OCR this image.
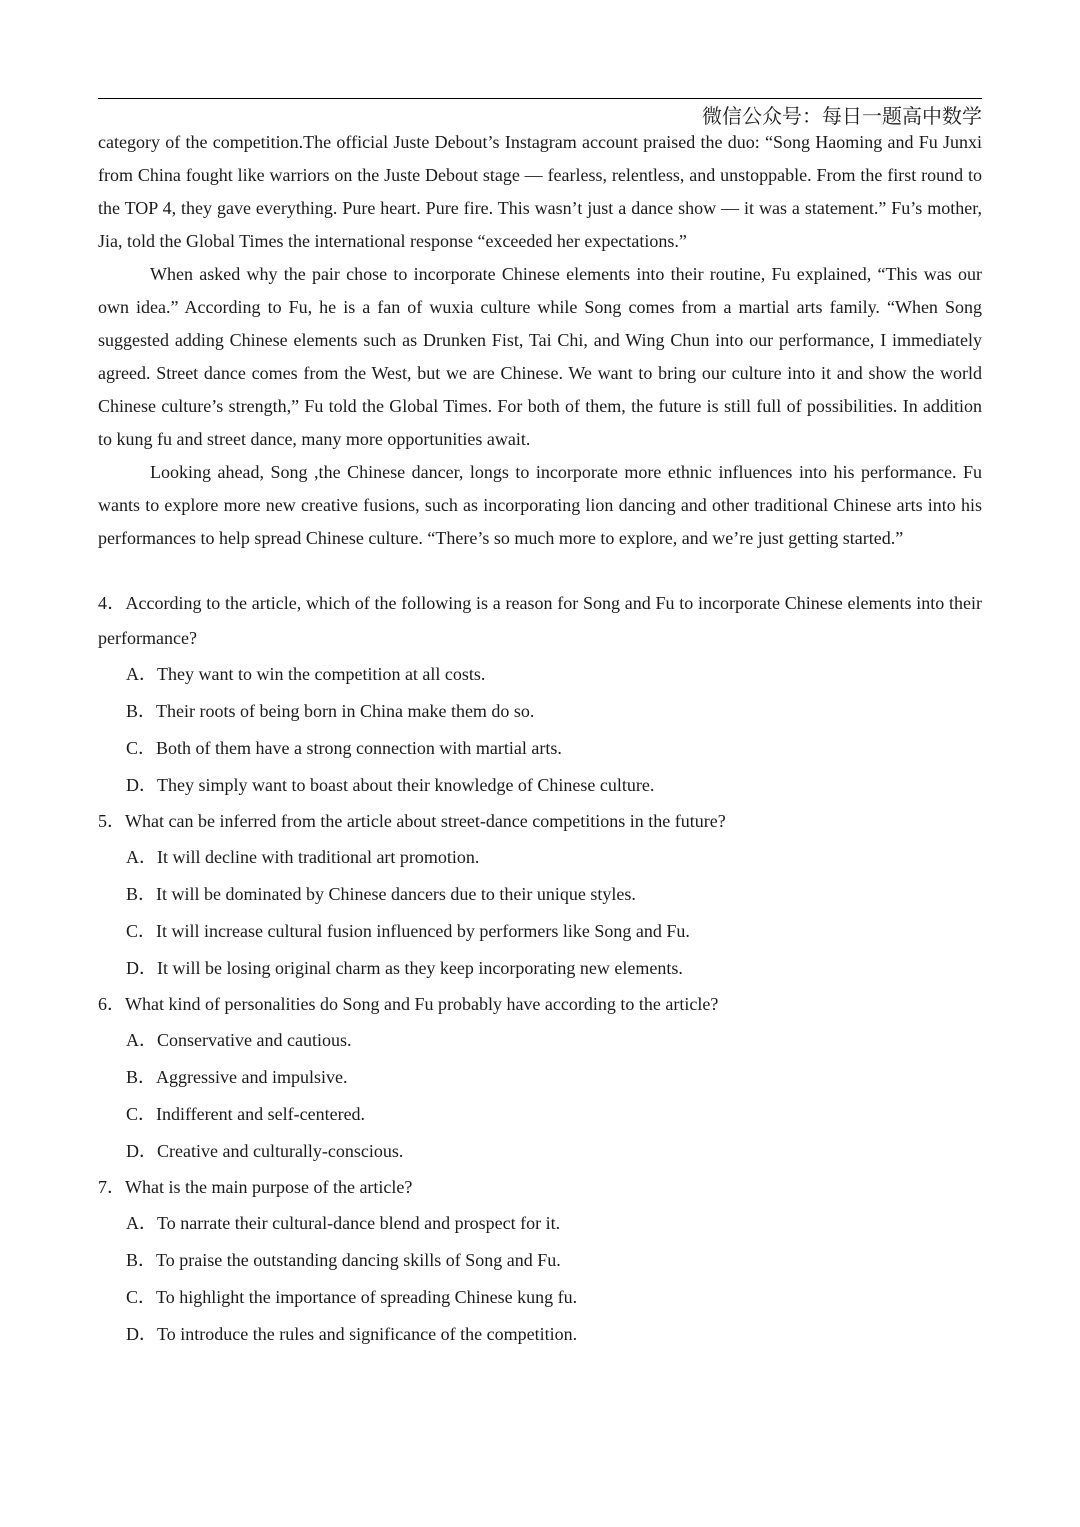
微信公众号：每日一题高中数学

category of the competition.The official Juste Debout’s Instagram account praised the duo: “Song Haoming and Fu Junxi from China fought like warriors on the Juste Debout stage — fearless, relentless, and unstoppable. From the first round to the TOP 4, they gave everything. Pure heart. Pure fire. This wasn’t just a dance show — it was a statement.” Fu’s mother, Jia, told the Global Times the international response “exceeded her expectations.”

When asked why the pair chose to incorporate Chinese elements into their routine, Fu explained, “This was our own idea.” According to Fu, he is a fan of wuxia culture while Song comes from a martial arts family. “When Song suggested adding Chinese elements such as Drunken Fist, Tai Chi, and Wing Chun into our performance, I immediately agreed. Street dance comes from the West, but we are Chinese. We want to bring our culture into it and show the world Chinese culture’s strength,” Fu told the Global Times. For both of them, the future is still full of possibilities. In addition to kung fu and street dance, many more opportunities await.

Looking ahead, Song ,the Chinese dancer, longs to incorporate more ethnic influences into his performance. Fu wants to explore more new creative fusions, such as incorporating lion dancing and other traditional Chinese arts into his performances to help spread Chinese culture. “There’s so much more to explore, and we’re just getting started.”

4．According to the article, which of the following is a reason for Song and Fu to incorporate Chinese elements into their performance?

A．They want to win the competition at all costs.

B．Their roots of being born in China make them do so.

C．Both of them have a strong connection with martial arts.

D．They simply want to boast about their knowledge of Chinese culture.

5．What can be inferred from the article about street-dance competitions in the future?

A．It will decline with traditional art promotion.

B．It will be dominated by Chinese dancers due to their unique styles.

C．It will increase cultural fusion influenced by performers like Song and Fu.

D．It will be losing original charm as they keep incorporating new elements.

6．What kind of personalities do Song and Fu probably have according to the article?

A．Conservative and cautious.

B．Aggressive and impulsive.

C．Indifferent and self-centered.

D．Creative and culturally-conscious.

7．What is the main purpose of the article?

A．To narrate their cultural-dance blend and prospect for it.

B．To praise the outstanding dancing skills of Song and Fu.

C．To highlight the importance of spreading Chinese kung fu.

D．To introduce the rules and significance of the competition.
